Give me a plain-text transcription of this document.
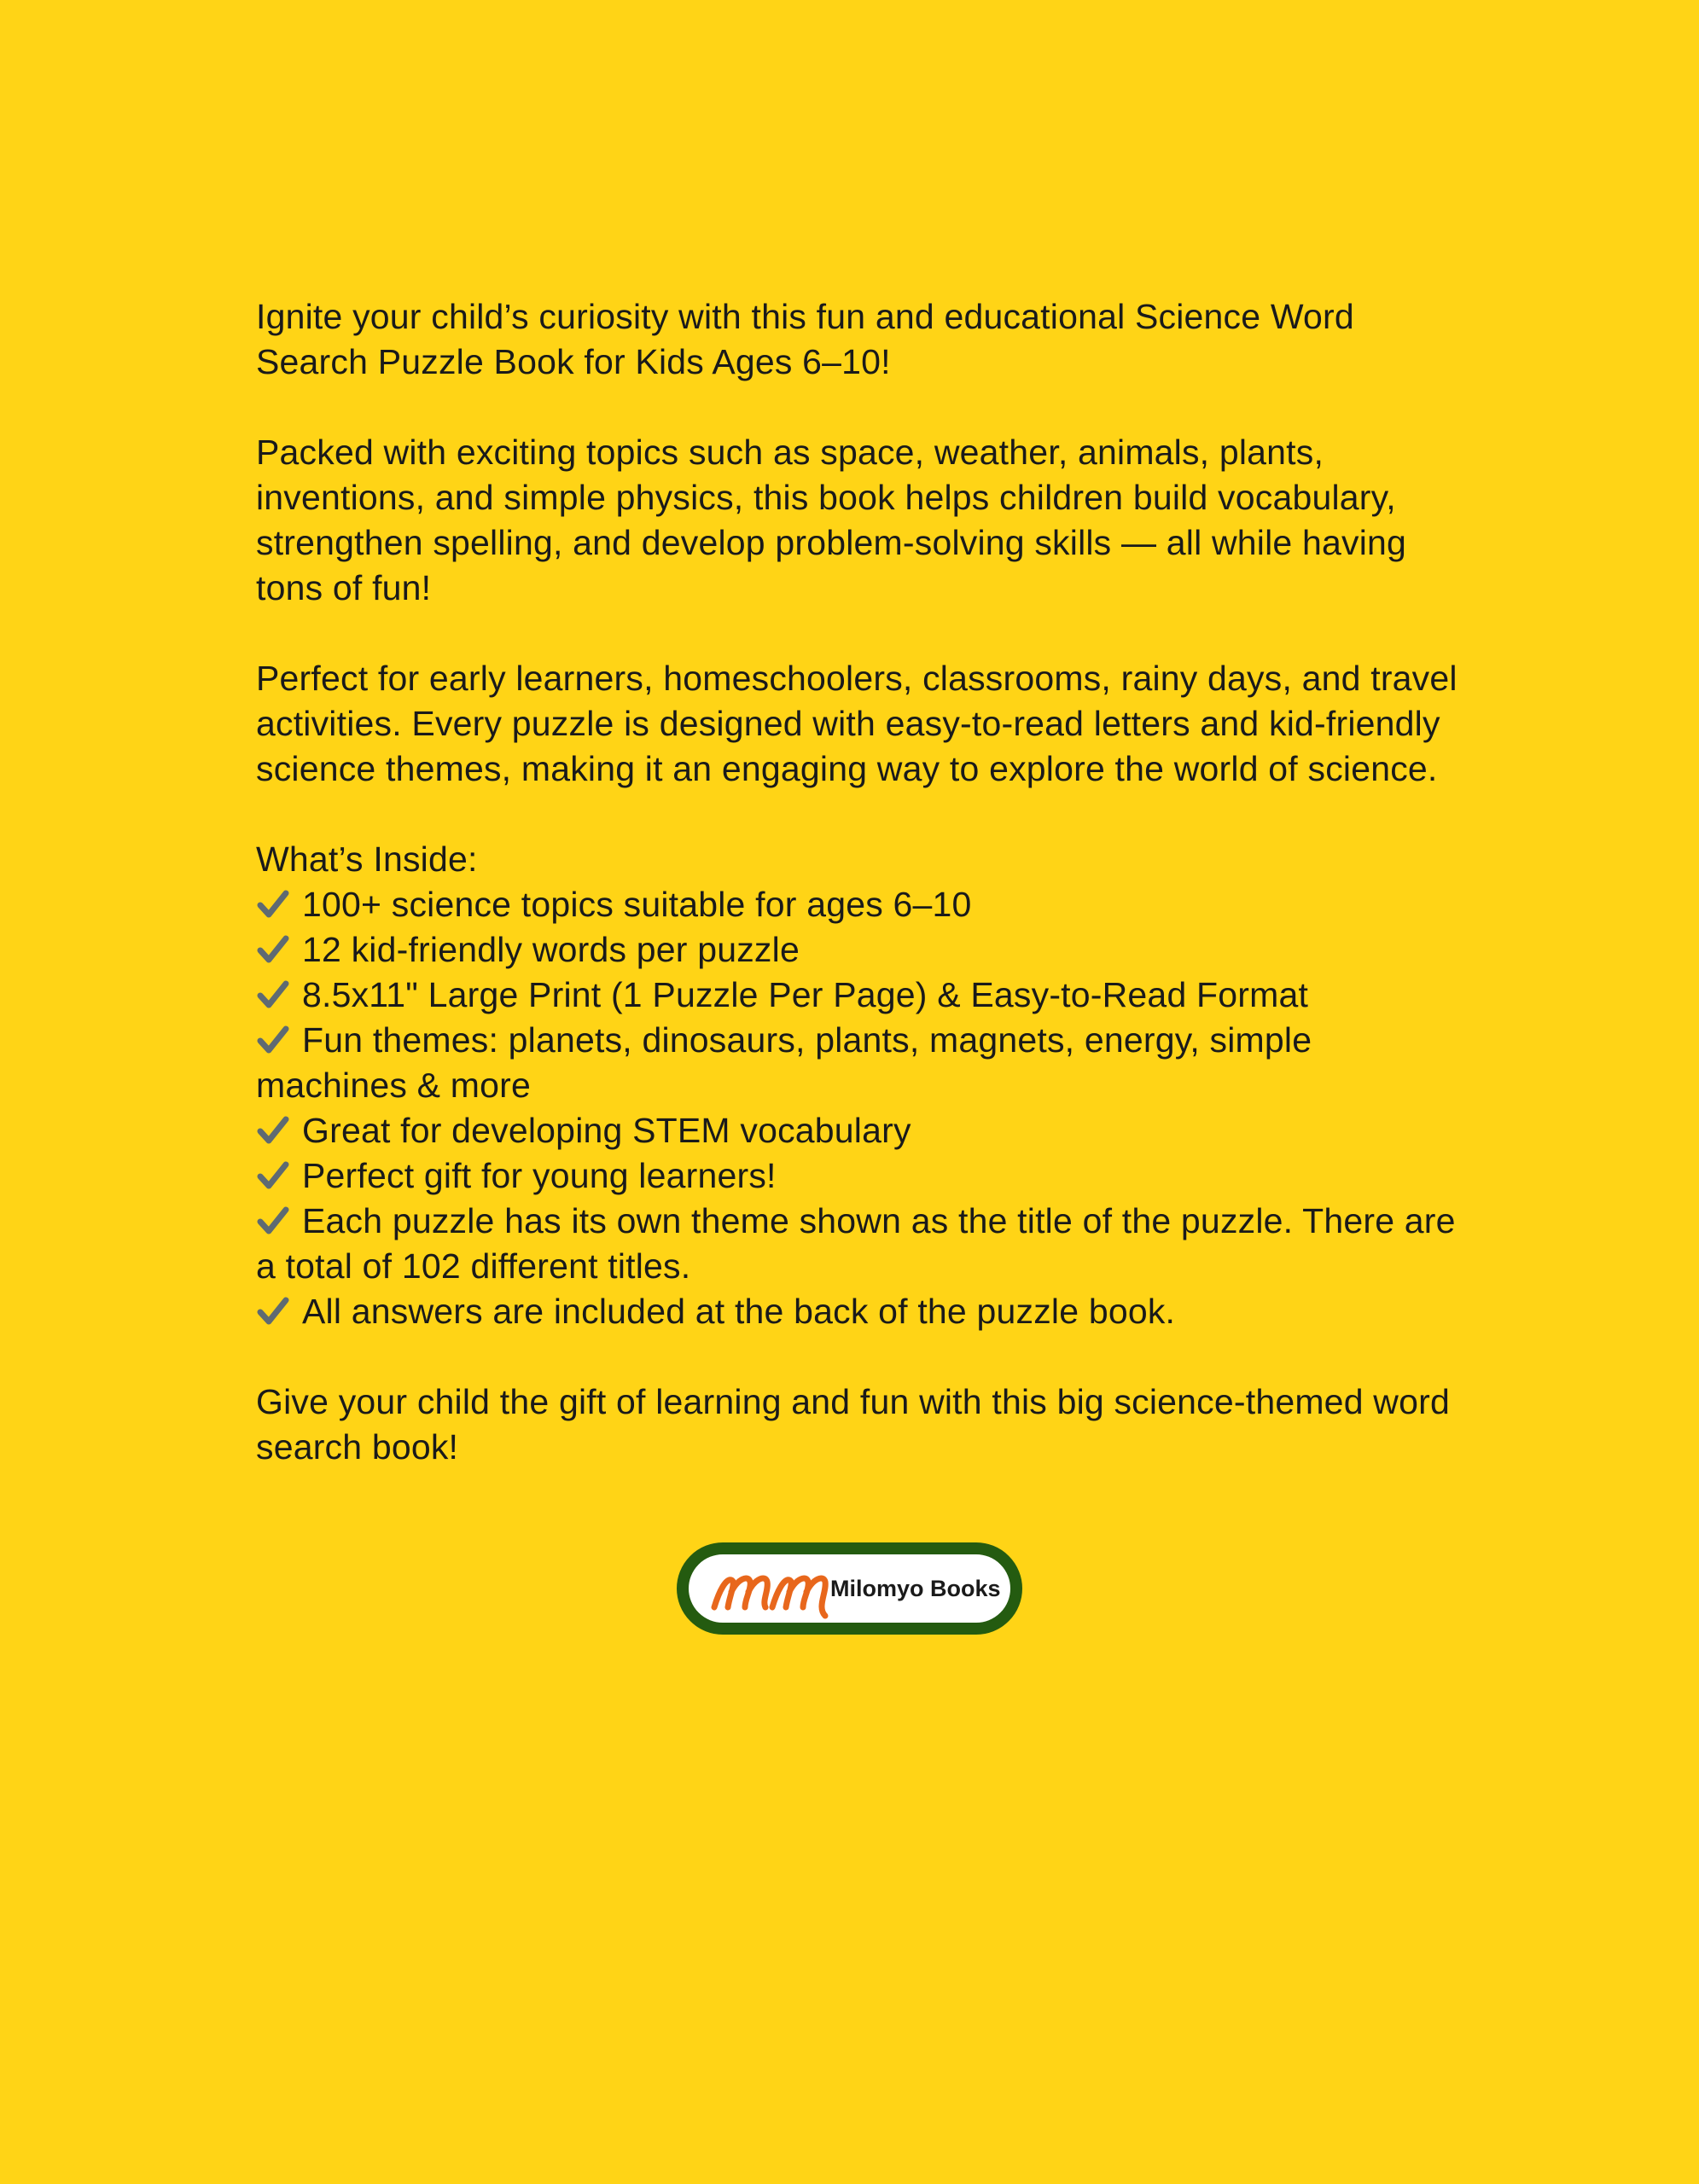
Ignite your child’s curiosity with this fun and educational Science Word Search Puzzle Book for Kids Ages 6–10!

Packed with exciting topics such as space, weather, animals, plants, inventions, and simple physics, this book helps children build vocabulary, strengthen spelling, and develop problem-solving skills — all while having tons of fun!

Perfect for early learners, homeschoolers, classrooms, rainy days, and travel activities. Every puzzle is designed with easy-to-read letters and kid-friendly science themes, making it an engaging way to explore the world of science.

What’s Inside:

100+ science topics suitable for ages 6–10
12 kid-friendly words per puzzle
8.5x11" Large Print (1 Puzzle Per Page) & Easy-to-Read Format
Fun themes: planets, dinosaurs, plants, magnets, energy, simple machines & more
Great for developing STEM vocabulary
Perfect gift for young learners!
Each puzzle has its own theme shown as the title of the puzzle. There are a total of 102 different titles.
All answers are included at the back of the puzzle book.

Give your child the gift of learning and fun with this big science-themed word search book!

Milomyo Books
